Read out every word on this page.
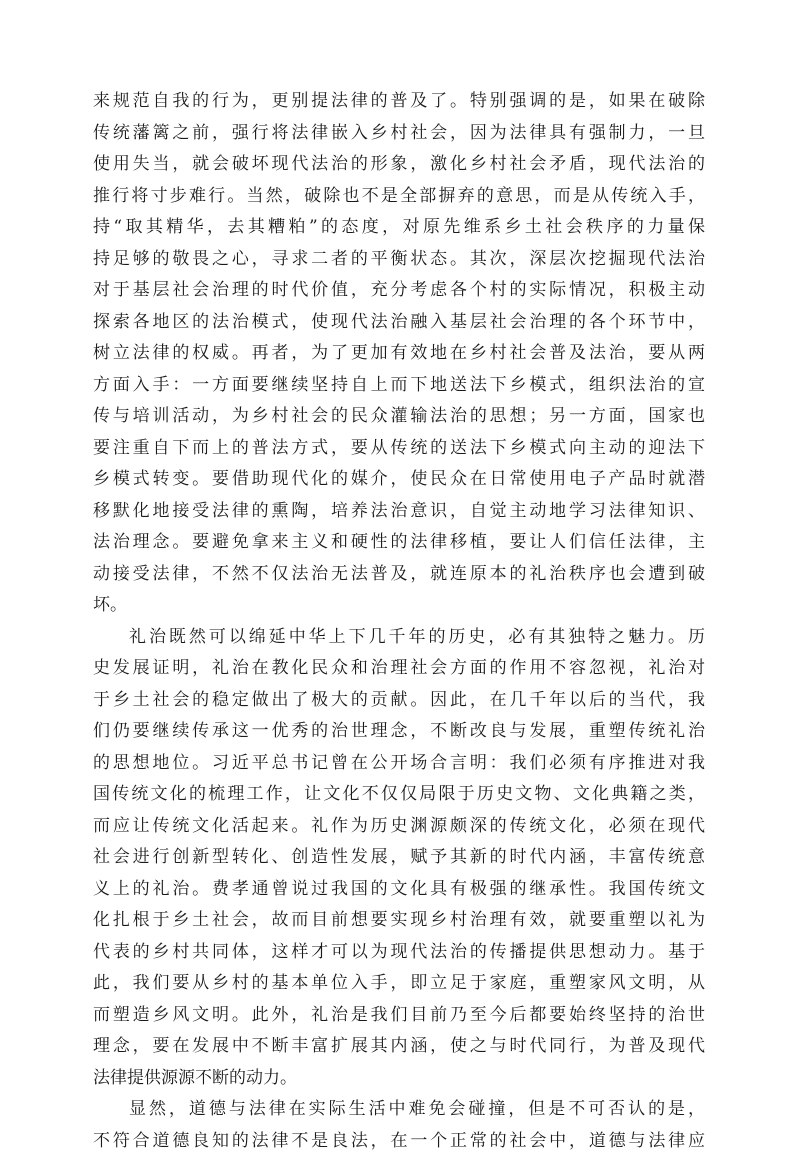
来规范自我的行为，更别提法律的普及了。特别强调的是，如果在破除
传统藩篱之前，强行将法律嵌入乡村社会，因为法律具有强制力，一旦
使用失当，就会破坏现代法治的形象，激化乡村社会矛盾，现代法治的
推行将寸步难行。当然，破除也不是全部摒弃的意思，而是从传统入手，
持“取其精华，去其糟粕”的态度，对原先维系乡土社会秩序的力量保
持足够的敬畏之心，寻求二者的平衡状态。其次，深层次挖掘现代法治
对于基层社会治理的时代价值，充分考虑各个村的实际情况，积极主动
探索各地区的法治模式，使现代法治融入基层社会治理的各个环节中，
树立法律的权威。再者，为了更加有效地在乡村社会普及法治，要从两
方面入手：一方面要继续坚持自上而下地送法下乡模式，组织法治的宣
传与培训活动，为乡村社会的民众灌输法治的思想；另一方面，国家也
要注重自下而上的普法方式，要从传统的送法下乡模式向主动的迎法下
乡模式转变。要借助现代化的媒介，使民众在日常使用电子产品时就潜
移默化地接受法律的熏陶，培养法治意识，自觉主动地学习法律知识、
法治理念。要避免拿来主义和硬性的法律移植，要让人们信任法律，主
动接受法律，不然不仅法治无法普及，就连原本的礼治秩序也会遭到破
坏。
礼治既然可以绵延中华上下几千年的历史，必有其独特之魅力。历
史发展证明，礼治在教化民众和治理社会方面的作用不容忽视，礼治对
于乡土社会的稳定做出了极大的贡献。因此，在几千年以后的当代，我
们仍要继续传承这一优秀的治世理念，不断改良与发展，重塑传统礼治
的思想地位。习近平总书记曾在公开场合言明：我们必须有序推进对我
国传统文化的梳理工作，让文化不仅仅局限于历史文物、文化典籍之类，
而应让传统文化活起来。礼作为历史渊源颇深的传统文化，必须在现代
社会进行创新型转化、创造性发展，赋予其新的时代内涵，丰富传统意
义上的礼治。费孝通曾说过我国的文化具有极强的继承性。我国传统文
化扎根于乡土社会，故而目前想要实现乡村治理有效，就要重塑以礼为
代表的乡村共同体，这样才可以为现代法治的传播提供思想动力。基于
此，我们要从乡村的基本单位入手，即立足于家庭，重塑家风文明，从
而塑造乡风文明。此外，礼治是我们目前乃至今后都要始终坚持的治世
理念，要在发展中不断丰富扩展其内涵，使之与时代同行，为普及现代
法律提供源源不断的动力。
显然，道德与法律在实际生活中难免会碰撞，但是不可否认的是，
不符合道德良知的法律不是良法，在一个正常的社会中，道德与法律应
